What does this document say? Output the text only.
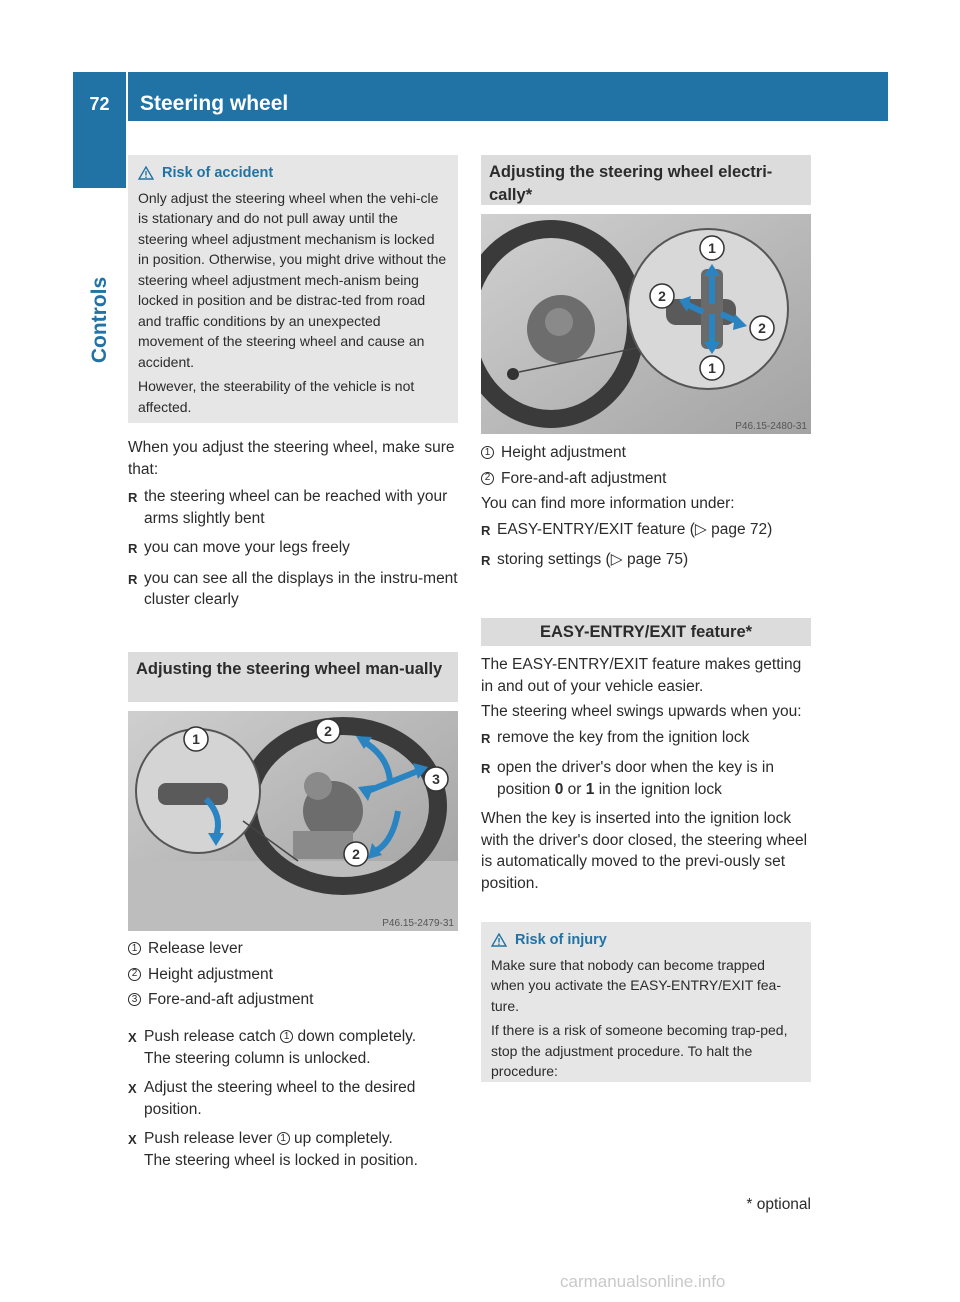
72	Steering wheel
Controls
Risk of accident

Only adjust the steering wheel when the vehi-cle is stationary and do not pull away until the steering wheel adjustment mechanism is locked in position. Otherwise, you might drive without the steering wheel adjustment mech-anism being locked in position and be distrac-ted from road and traffic conditions by an unexpected movement of the steering wheel and cause an accident.

However, the steerability of the vehicle is not affected.

When you adjust the steering wheel, make sure that:

R the steering wheel can be reached with your arms slightly bent
R you can move your legs freely
R you can see all the displays in the instru-ment cluster clearly
Adjusting the steering wheel man-ually
1	2
3
2
P46.15-2479-31
1 Release lever
2 Height adjustment
3 Fore-and-aft adjustment
X Push release catch 1 down completely.
The steering column is unlocked.
X Adjust the steering wheel to the desired position.
X Push release lever 1 up completely.
The steering wheel is locked in position.
Adjusting the steering wheel electri-cally*
1
2
2
1
P46.15-2480-31
1 Height adjustment
2 Fore-and-aft adjustment

You can find more information under:

R EASY-ENTRY/EXIT feature (▷ page 72)
R storing settings (▷ page 75)
EASY-ENTRY/EXIT feature*

The EASY-ENTRY/EXIT feature makes getting in and out of your vehicle easier.

The steering wheel swings upwards when you:

R remove the key from the ignition lock
R open the driver's door when the key is in position 0 or 1 in the ignition lock

When the key is inserted into the ignition lock with the driver's door closed, the steering wheel is automatically moved to the previ-ously set position.

Risk of injury

Make sure that nobody can become trapped when you activate the EASY-ENTRY/EXIT fea-ture.

If there is a risk of someone becoming trap-ped, stop the adjustment procedure. To halt the procedure:

* optional
carmanualsonline.info
